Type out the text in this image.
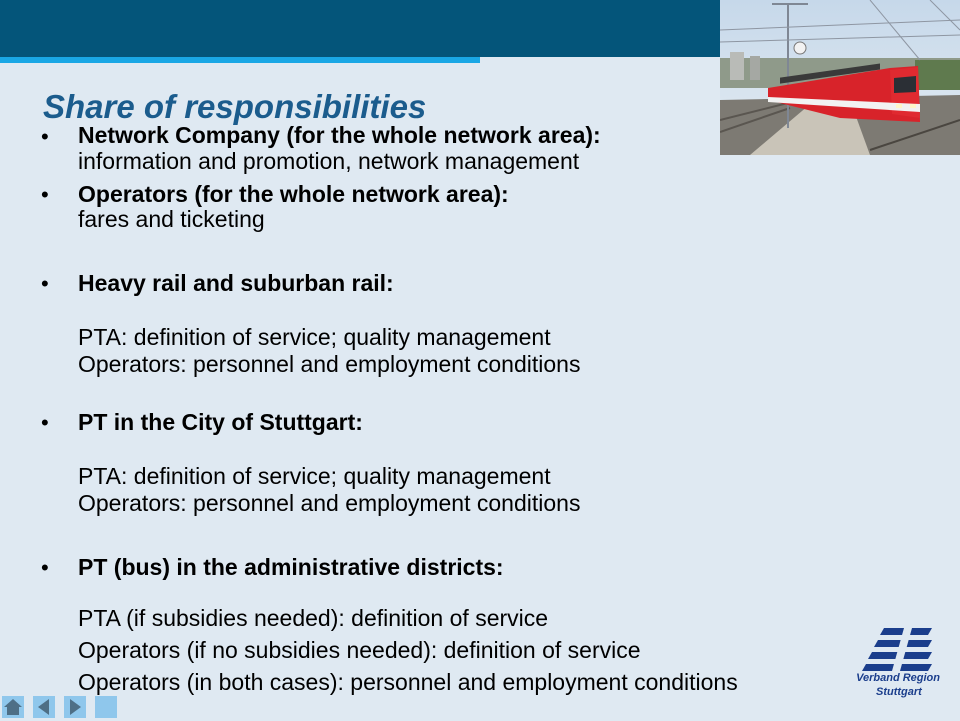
Share of responsibilities
• Network Company (for the whole network area):
information and promotion, network management
• Operators (for the whole network area):
fares and ticketing
• Heavy rail and suburban rail:
PTA: definition of service; quality management
Operators: personnel and employment conditions
• PT in the City of Stuttgart:
PTA: definition of service; quality management
Operators: personnel and employment conditions
• PT (bus) in the administrative districts:
PTA (if subsidies needed): definition of service
Operators (if no subsidies needed): definition of service
Operators (in both cases): personnel and employment conditions	Verband Region
Stuttgart
